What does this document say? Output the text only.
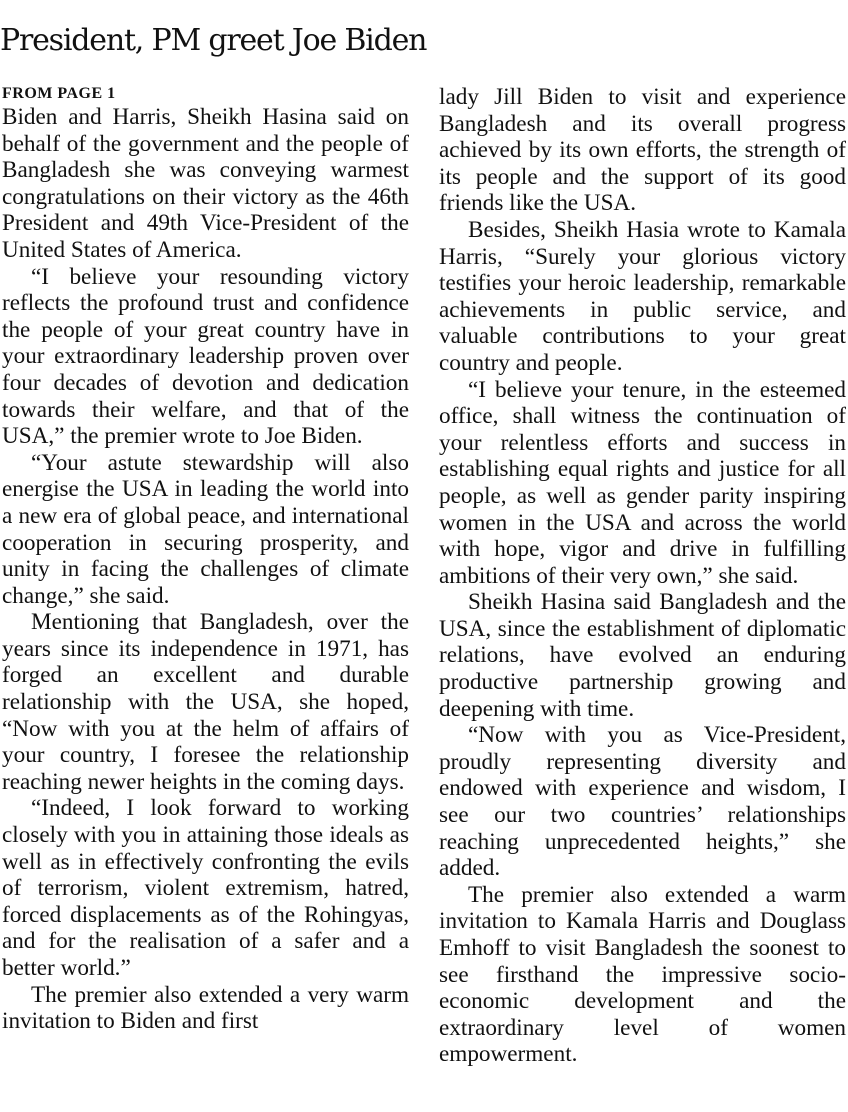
President, PM greet Joe Biden
FROM PAGE 1

Biden and Harris, Sheikh Hasina said on behalf of the government and the people of Bangladesh she was conveying warmest congratulations on their victory as the 46th President and 49th Vice-President of the United States of America.

“I believe your resounding victory reflects the profound trust and confidence the people of your great country have in your extraordinary leadership proven over four decades of devotion and dedication towards their welfare, and that of the USA,” the premier wrote to Joe Biden.

“Your astute stewardship will also energise the USA in leading the world into a new era of global peace, and international cooperation in securing prosperity, and unity in facing the challenges of climate change,” she said.

Mentioning that Bangladesh, over the years since its independence in 1971, has forged an excellent and durable relationship with the USA, she hoped, “Now with you at the helm of affairs of your country, I foresee the relationship reaching newer heights in the coming days.

“Indeed, I look forward to working closely with you in attaining those ideals as well as in effectively confronting the evils of terrorism, violent extremism, hatred, forced displacements as of the Rohingyas, and for the realisation of a safer and a better world.”

The premier also extended a very warm invitation to Biden and first

lady Jill Biden to visit and experience Bangladesh and its overall progress achieved by its own efforts, the strength of its people and the support of its good friends like the USA.

Besides, Sheikh Hasia wrote to Kamala Harris, “Surely your glorious victory testifies your heroic leadership, remarkable achievements in public service, and valuable contributions to your great country and people.

“I believe your tenure, in the esteemed office, shall witness the continuation of your relentless efforts and success in establishing equal rights and justice for all people, as well as gender parity inspiring women in the USA and across the world with hope, vigor and drive in fulfilling ambitions of their very own,” she said.

Sheikh Hasina said Bangladesh and the USA, since the establishment of diplomatic relations, have evolved an enduring productive partnership growing and deepening with time.

“Now with you as Vice-President, proudly representing diversity and endowed with experience and wisdom, I see our two countries’ relationships reaching unprecedented heights,” she added.

The premier also extended a warm invitation to Kamala Harris and Douglass Emhoff to visit Bangladesh the soonest to see firsthand the impressive socio-economic development and the extraordinary level of women empowerment.
